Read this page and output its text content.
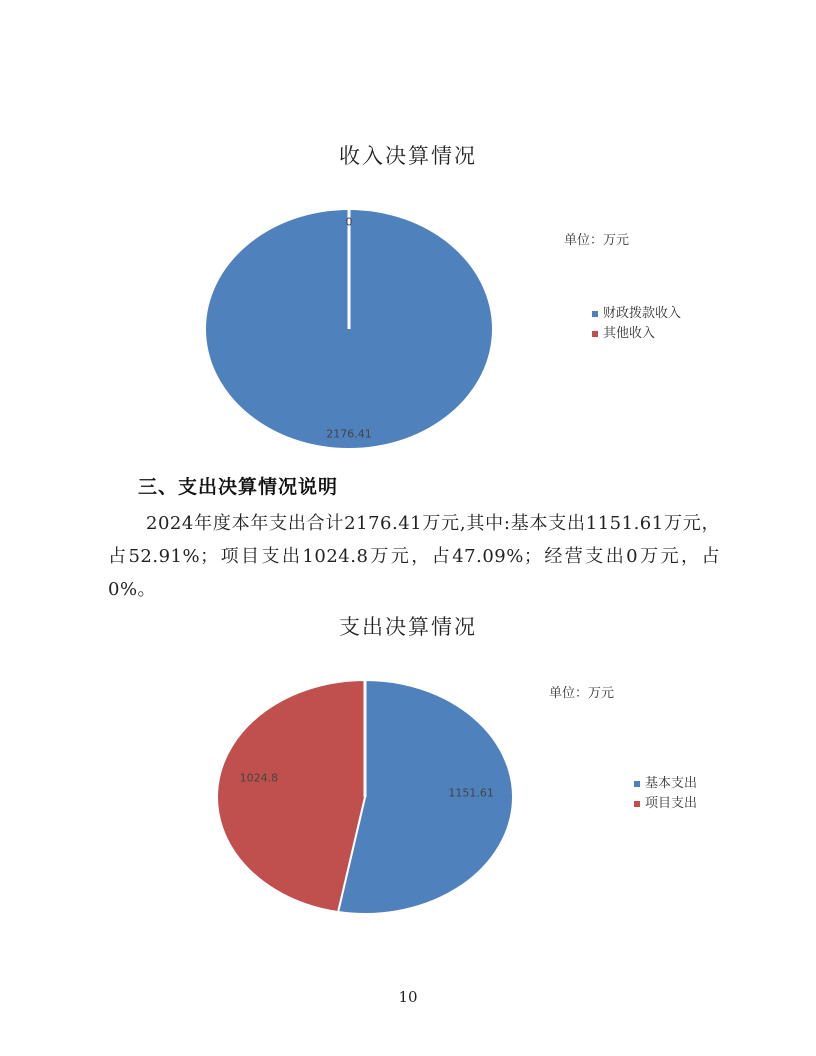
收入决算情况
2176.41
0
单位：万元
财政拨款收入
其他收入
三、支出决算情况说明
2024年度本年支出合计2176.41万元,其中:基本支出1151.61万元，占52.91%；项目支出1024.8万元，占47.09%；经营支出0万元，占0%。
支出决算情况
1151.61
1024.8
单位：万元
基本支出
项目支出
10
